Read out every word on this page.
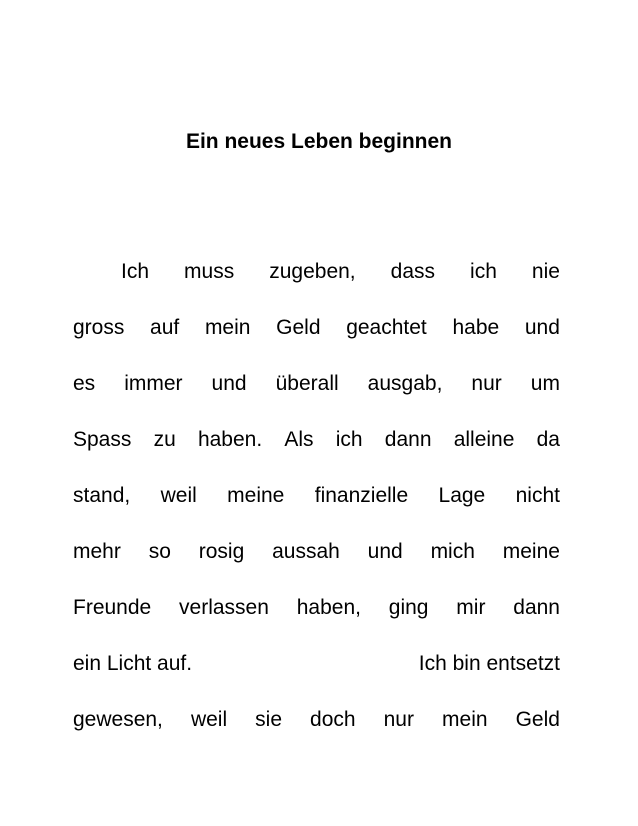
Ein neues Leben beginnen
Ich muss zugeben, dass ich nie
gross auf mein Geld geachtet habe und
es immer und überall ausgab, nur um
Spass zu haben. Als ich dann alleine da
stand, weil meine finanzielle Lage nicht
mehr so rosig aussah und mich meine
Freunde verlassen haben, ging mir dann
ein Licht auf.	Ich bin entsetzt
gewesen, weil sie doch nur mein Geld
